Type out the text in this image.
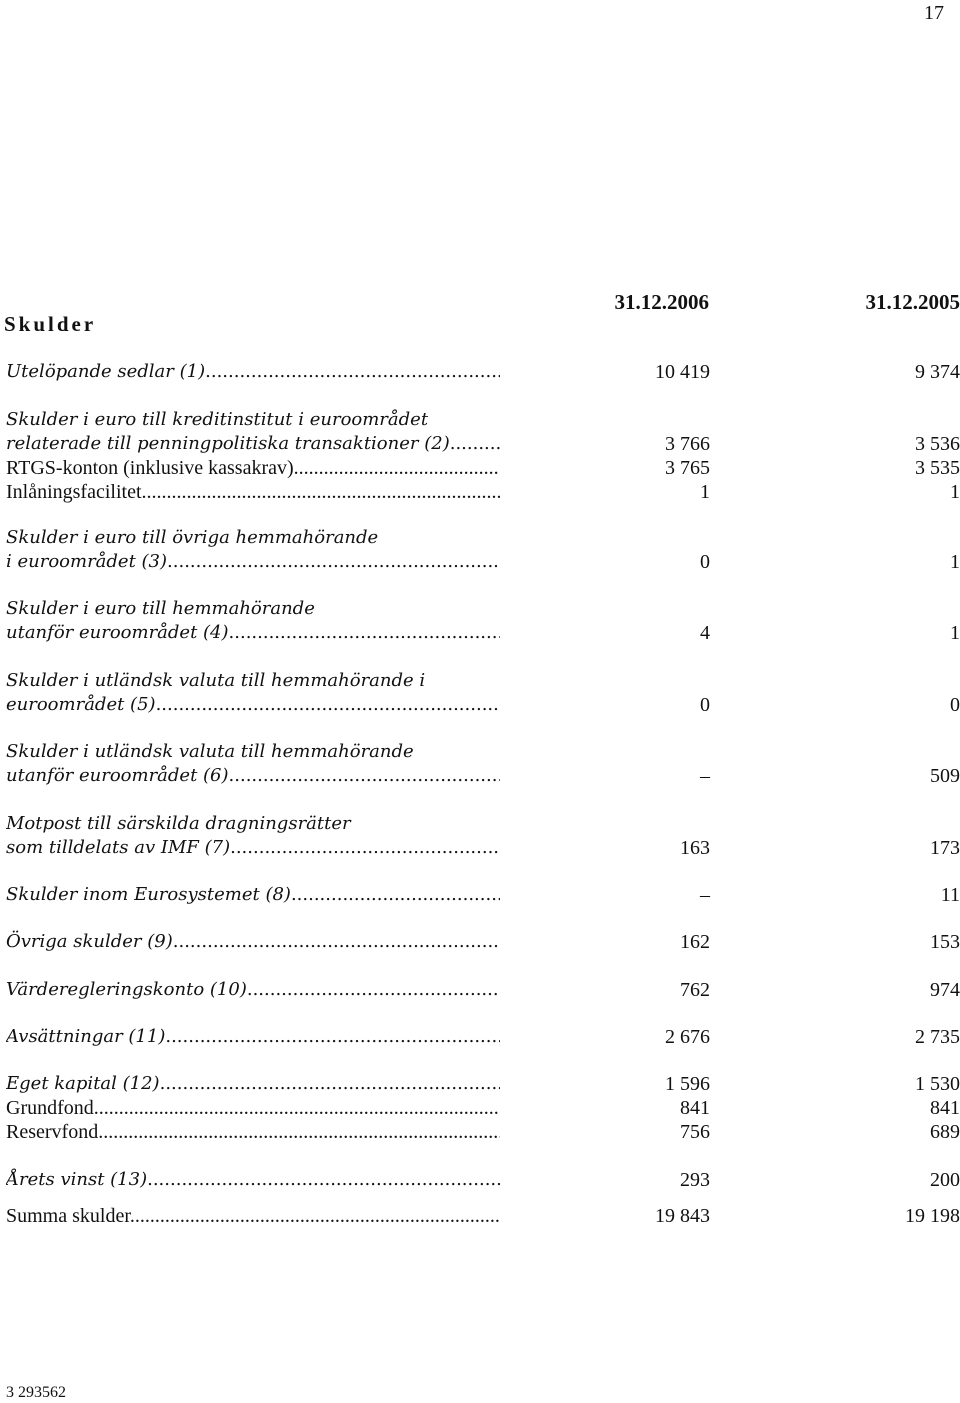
17
31.12.2006	31.12.2005
Skulder
Utelöpande sedlar (1) .....	10 419	9 374
Skulder i euro till kreditinstitut i euroområdet
relaterade till penningpolitiska transaktioner (2) .....	3 766	3 536
RTGS-konton (inklusive kassakrav) .....	3 765	3 535
Inlåningsfacilitet .....	1	1
Skulder i euro till övriga hemmahörande
i euroområdet (3) .....	0	1
Skulder i euro till hemmahörande
utanför euroområdet (4) .....	4	1
Skulder i utländsk valuta till hemmahörande i
euroområdet (5) .....	0	0
Skulder i utländsk valuta till hemmahörande
utanför euroområdet (6) .....	–	509
Motpost till särskilda dragningsrätter
som tilldelats av IMF (7) .....	163	173
Skulder inom Eurosystemet (8) .....	–	11
Övriga skulder (9) .....	162	153
Värderegleringskonto (10) .....	762	974
Avsättningar (11) .....	2 676	2 735
Eget kapital (12) .....	1 596	1 530
Grundfond .....	841	841
Reservfond .....	756	689
Årets vinst (13) .....	293	200
Summa skulder .....	19 843	19 198
3 293562
